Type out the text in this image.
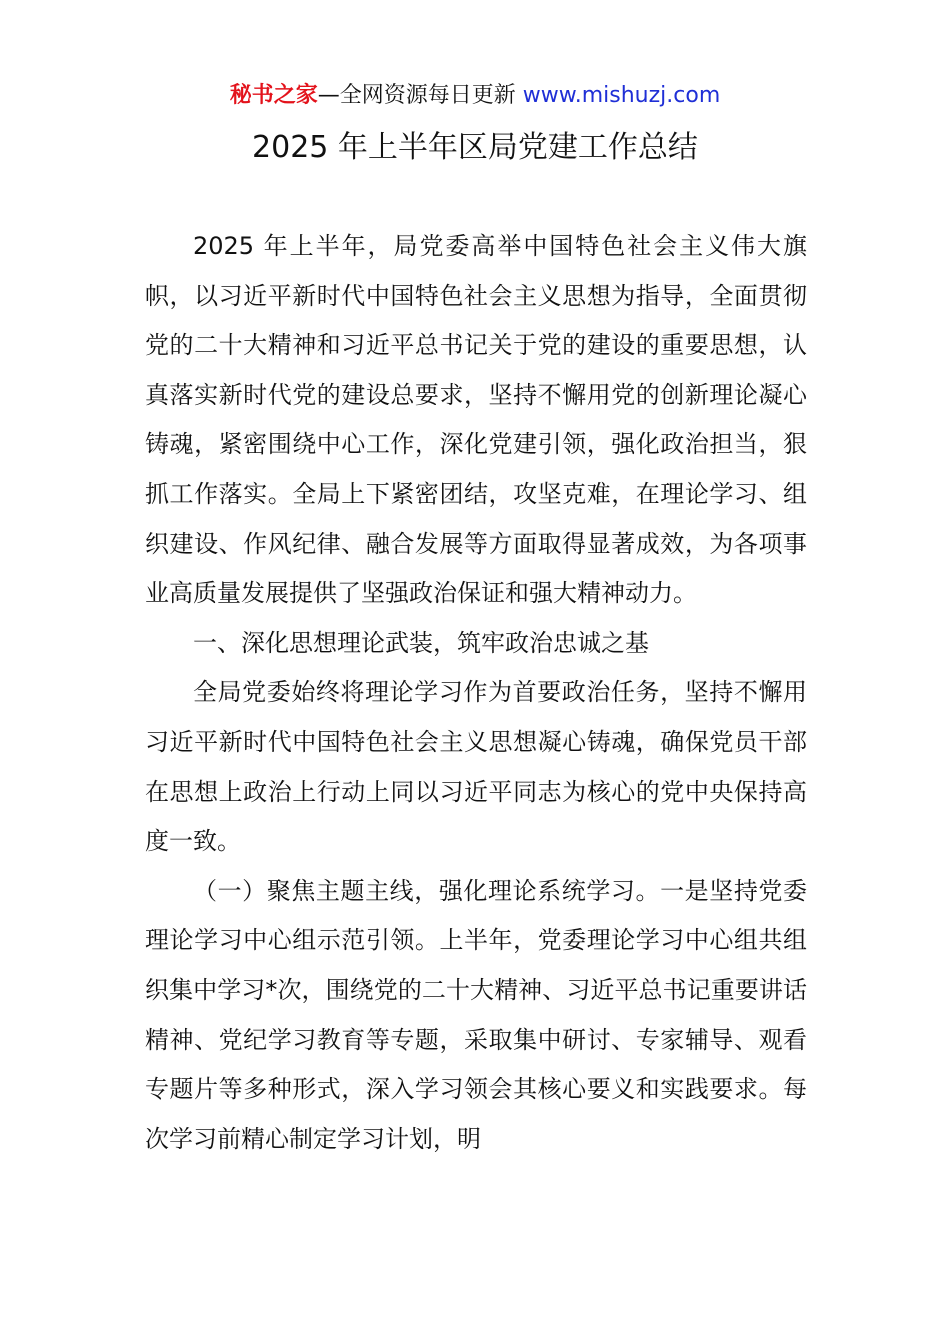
秘书之家—全网资源每日更新 www.mishuzj.com
2025 年上半年区局党建工作总结

2025 年上半年，局党委高举中国特色社会主义伟大旗帜，以习近平新时代中国特色社会主义思想为指导，全面贯彻党的二十大精神和习近平总书记关于党的建设的重要思想，认真落实新时代党的建设总要求，坚持不懈用党的创新理论凝心铸魂，紧密围绕中心工作，深化党建引领，强化政治担当，狠抓工作落实。全局上下紧密团结，攻坚克难，在理论学习、组织建设、作风纪律、融合发展等方面取得显著成效，为各项事业高质量发展提供了坚强政治保证和强大精神动力。

一、深化思想理论武装，筑牢政治忠诚之基

全局党委始终将理论学习作为首要政治任务，坚持不懈用习近平新时代中国特色社会主义思想凝心铸魂，确保党员干部在思想上政治上行动上同以习近平同志为核心的党中央保持高度一致。

（一）聚焦主题主线，强化理论系统学习。一是坚持党委理论学习中心组示范引领。上半年，党委理论学习中心组共组织集中学习*次，围绕党的二十大精神、习近平总书记重要讲话精神、党纪学习教育等专题，采取集中研讨、专家辅导、观看专题片等多种形式，深入学习领会其核心要义和实践要求。每次学习前精心制定学习计划，明
